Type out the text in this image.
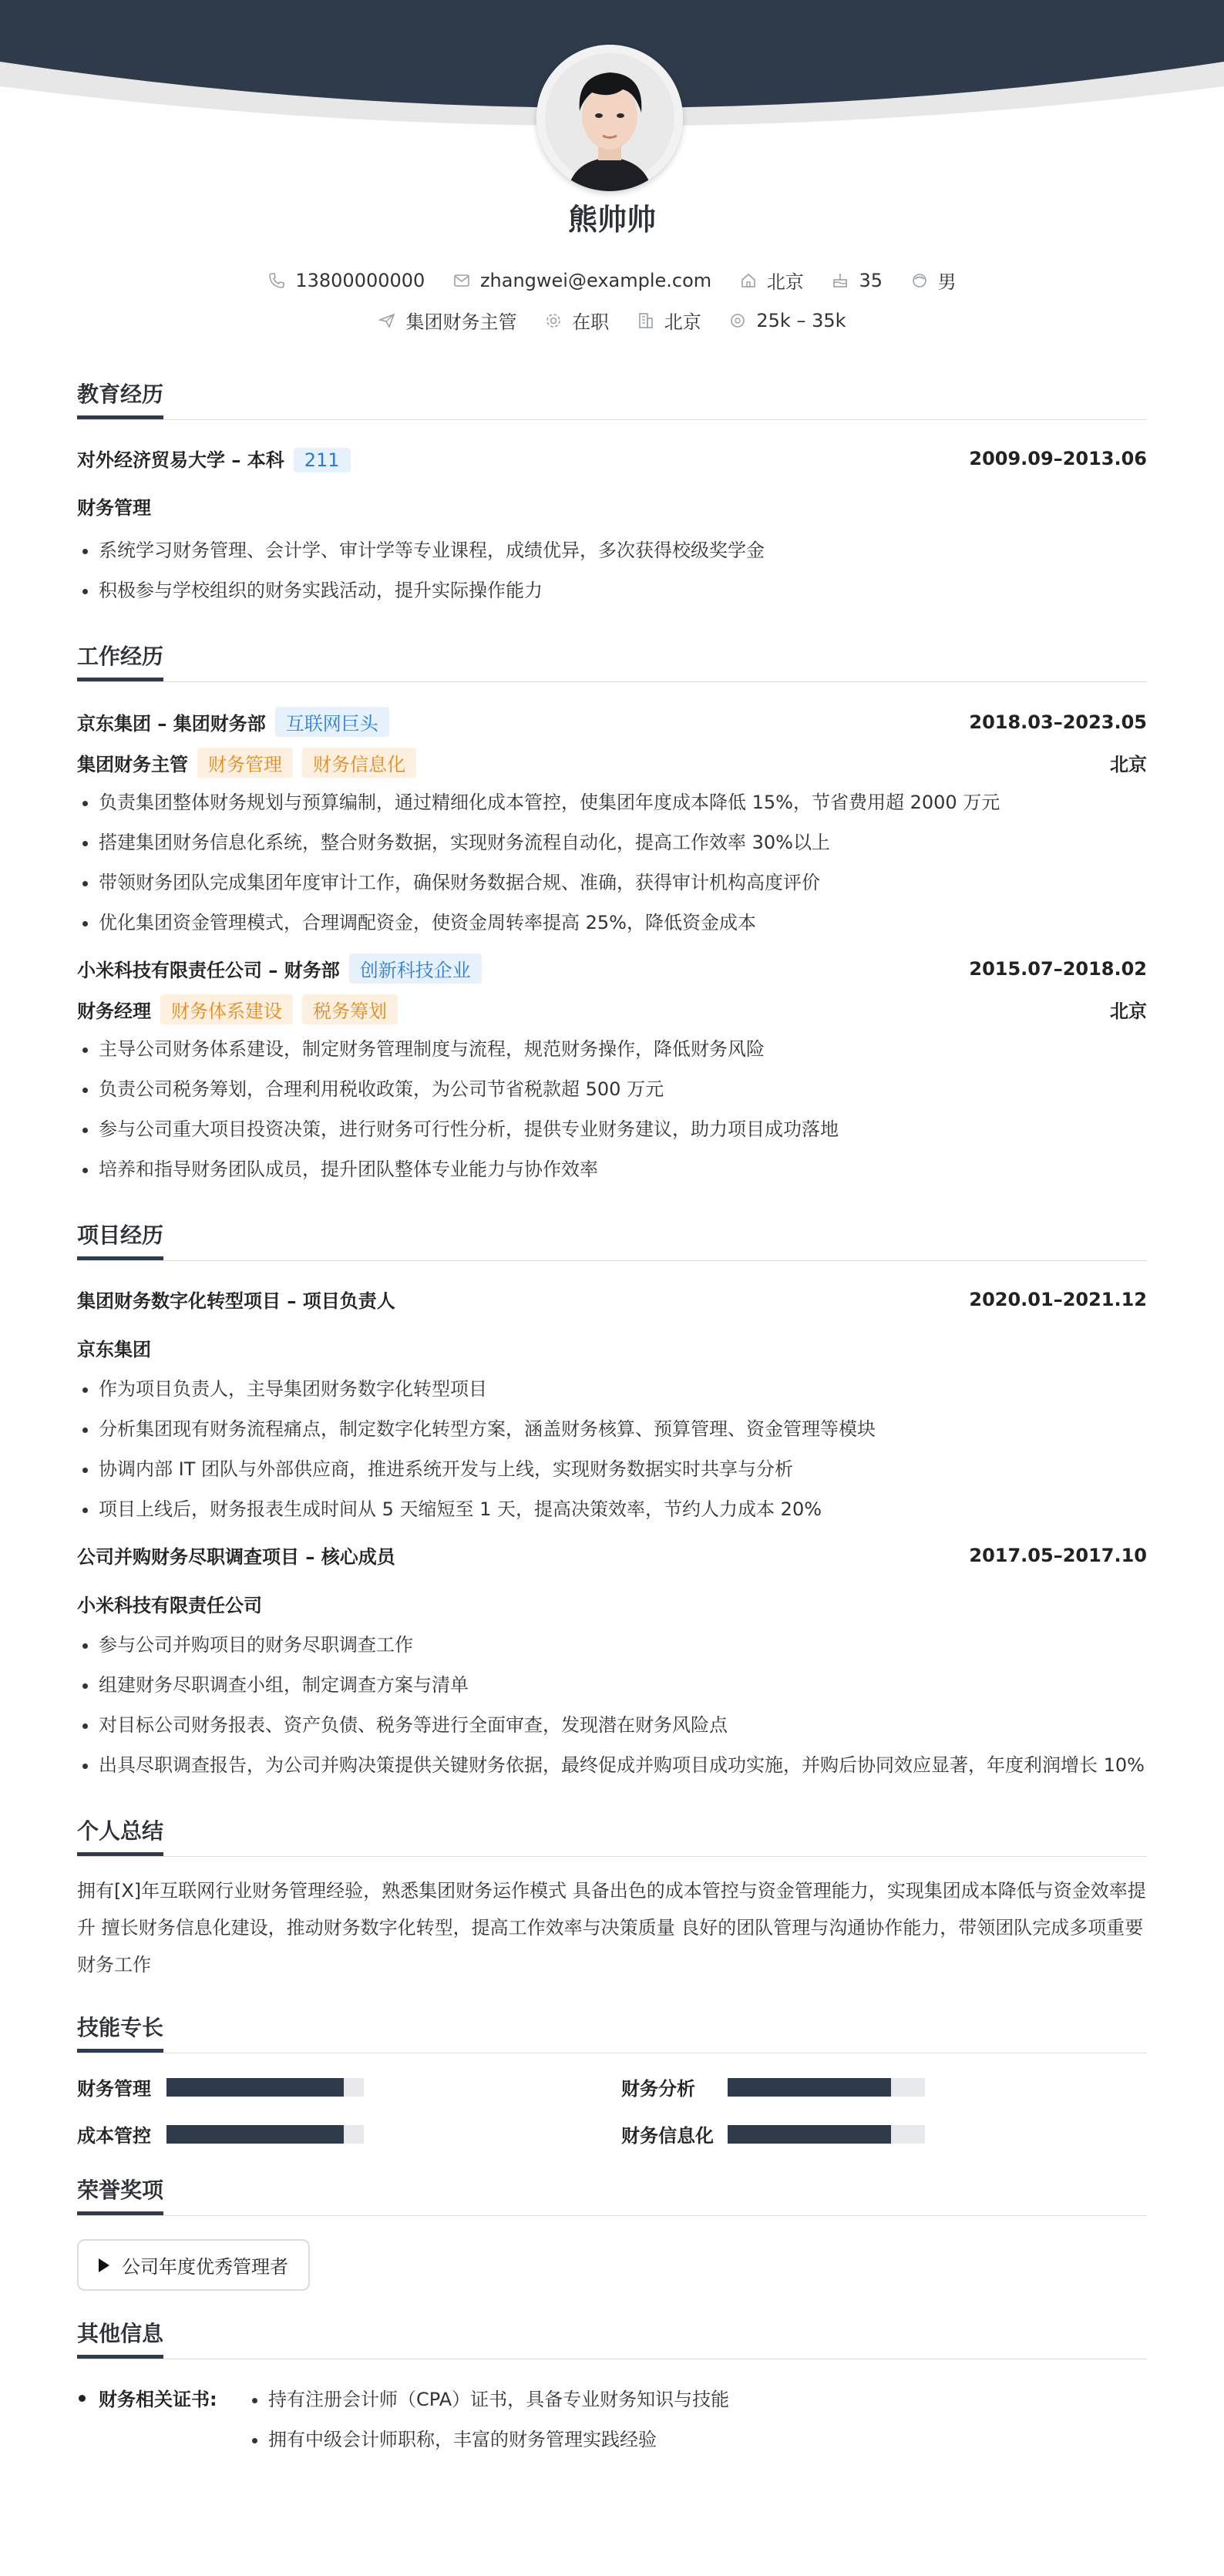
熊帅帅
13800000000
	zhangwei@example.com
	北京
	35
	男
集团财务主管
	在职
	北京
	25k – 35k
教育经历
对外经济贸易大学 – 本科 211	2009.09–2013.06
财务管理
• 系统学习财务管理、会计学、审计学等专业课程，成绩优异，多次获得校级奖学金
• 积极参与学校组织的财务实践活动，提升实际操作能力
工作经历
京东集团 – 集团财务部 互联网巨头	2018.03–2023.05
集团财务主管 财务管理 财务信息化	北京
• 负责集团整体财务规划与预算编制，通过精细化成本管控，使集团年度成本降低 15%，节省费用超 2000 万元
• 搭建集团财务信息化系统，整合财务数据，实现财务流程自动化，提高工作效率 30%以上
• 带领财务团队完成集团年度审计工作，确保财务数据合规、准确，获得审计机构高度评价
• 优化集团资金管理模式，合理调配资金，使资金周转率提高 25%，降低资金成本
小米科技有限责任公司 – 财务部 创新科技企业	2015.07–2018.02
财务经理 财务体系建设 税务筹划	北京
• 主导公司财务体系建设，制定财务管理制度与流程，规范财务操作，降低财务风险
• 负责公司税务筹划，合理利用税收政策，为公司节省税款超 500 万元
• 参与公司重大项目投资决策，进行财务可行性分析，提供专业财务建议，助力项目成功落地
• 培养和指导财务团队成员，提升团队整体专业能力与协作效率
项目经历
集团财务数字化转型项目 – 项目负责人	2020.01–2021.12
京东集团
• 作为项目负责人，主导集团财务数字化转型项目
• 分析集团现有财务流程痛点，制定数字化转型方案，涵盖财务核算、预算管理、资金管理等模块
• 协调内部 IT 团队与外部供应商，推进系统开发与上线，实现财务数据实时共享与分析
• 项目上线后，财务报表生成时间从 5 天缩短至 1 天，提高决策效率，节约人力成本 20%
公司并购财务尽职调查项目 – 核心成员	2017.05–2017.10
小米科技有限责任公司
• 参与公司并购项目的财务尽职调查工作
• 组建财务尽职调查小组，制定调查方案与清单
• 对目标公司财务报表、资产负债、税务等进行全面审查，发现潜在财务风险点
• 出具尽职调查报告，为公司并购决策提供关键财务依据，最终促成并购项目成功实施，并购后协同效应显著，年度利润增长 10%
个人总结
拥有[X]年互联网行业财务管理经验，熟悉集团财务运作模式 具备出色的成本管控与资金管理能力，实现集团成本降低与资金效率提升 擅长财务信息化建设，推动财务数字化转型，提高工作效率与决策质量 良好的团队管理与沟通协作能力，带领团队完成多项重要财务工作
技能专长
财务管理	财务分析
成本管控	财务信息化
荣誉奖项
公司年度优秀管理者
其他信息
财务相关证书:
•	持有注册会计师（CPA）证书，具备专业财务知识与技能
• 拥有中级会计师职称，丰富的财务管理实践经验
